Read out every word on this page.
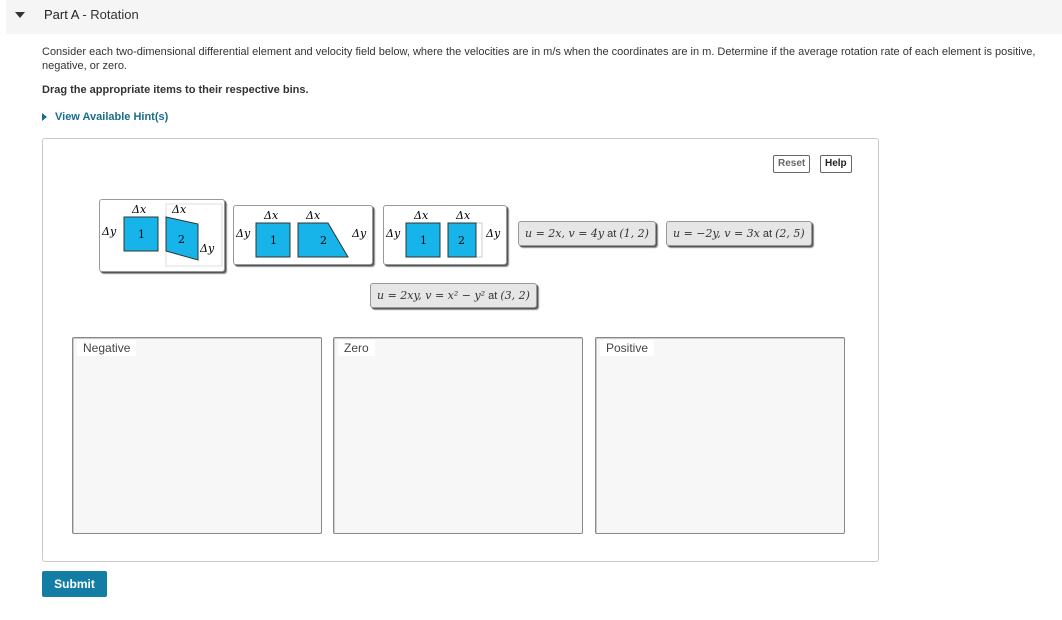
Part A - Rotation
Consider each two-dimensional differential element and velocity field below, where the velocities are in m/s when the coordinates are in m. Determine if the average rotation rate of each element is positive, negative, or zero.
Drag the appropriate items to their respective bins.
View Available Hint(s)
Reset	Help
Δx Δx
Δy 1	2
Δy
Δx	Δx
Δy
1	2
Δy
Δx	Δx
Δy
1	2
Δy u = 2x, v = 4y at (1, 2) u = −2y, v = 3x at (2, 5)
u = 2xy, v = x² − y² at (3, 2)
Negative	Zero	Positive
Submit
